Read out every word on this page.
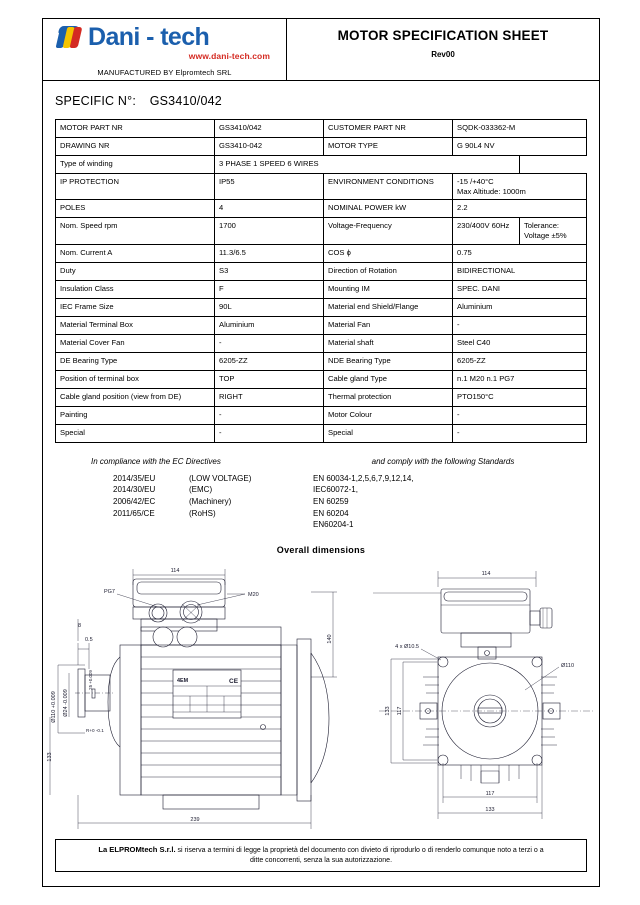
Dani - tech
www.dani-tech.com
MANUFACTURED BY Elpromtech SRL
MOTOR SPECIFICATION SHEET
Rev00
SPECIFIC N°: GS3410/042
MOTOR PART NR	GS3410/042	CUSTOMER PART NR	SQDK-033362-M	
DRAWING NR	GS3410-042	MOTOR TYPE	G 90L4 NV	
Type of winding	3 PHASE 1 SPEED 6 WIRES			
IP PROTECTION	IP55	ENVIRONMENT CONDITIONS	-15 /+40°C
Max Altitude: 1000m	
POLES	4	NOMINAL POWER kW	2.2	
Nom. Speed rpm	1700	Voltage-Frequency	230/400V 60Hz	Tolerance: Voltage ±5%
Nom. Current A	11.3/6.5	COS ϕ	0.75	
Duty	S3	Direction of Rotation	BIDIRECTIONAL	
Insulation Class	F	Mounting IM	SPEC. DANI	
IEC Frame Size	90L	Material end Shield/Flange	Aluminium	
Material Terminal Box	Aluminium	Material Fan	-	
Material Cover Fan	-	Material shaft	Steel C40	
DE Bearing Type	6205-ZZ	NDE Bearing Type	6205-ZZ	
Position of terminal box	TOP	Cable gland Type	n.1 M20 n.1 PG7	
Cable gland position (view from DE)	RIGHT	Thermal protection	PTO150°C	
Painting	-	Motor Colour	-	
Special	-	Special	-	
In compliance with the EC Directives
2014/35/EU	(LOW VOLTAGE)
2014/30/EU	(EMC)
2006/42/EC	(Machinery)
2011/65/CE	(RoHS)
and comply with the following Standards
EN 60034-1,2,5,6,7,9,12,14,
IEC60072-1,
EN 60259
EN 60204
EN60204-1
Overall dimensions
114
PG7	M20
4EM	CE
Ø110 +0.009 Ø24 -0.009
0.5
8
25 +0.009
R+0 -0.1
140
239
133
114
4 x Ø10.5
Ø110
133 117
117
133
La ELPROMtech S.r.l. si riserva a termini di legge la proprietà del documento con divieto di riprodurlo o di renderlo comunque noto a terzi o a
ditte concorrenti, senza la sua autorizzazione.
